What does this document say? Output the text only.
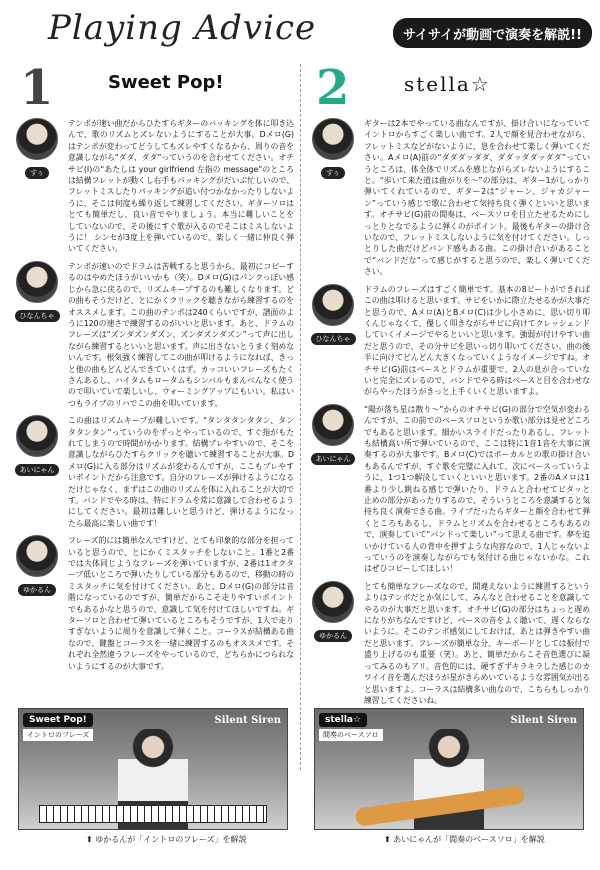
Playing Advice	サイサイが動画で演奏を解説!!
1	Sweet Pop!
すぅ
テンポが速い曲だからひたすらギターのバッキングを体に叩き込んで、歌のリズムとズレないようにすることが大事。Dメロ(G)はテンポが変わってどうしてもズレやすくなるから、周りの音を意識しながら“ダダ、ダダ”っていうのを合わせてください。オチサビ(I)の“あたしは your girlfriend 左指の message”のところは結構フレットが動くし右手もパッキングがだいぶ忙しいので、フレットミスしたりパッキングが追い付つかなかったりしないように、そこは何度も繰り返して練習してください。ギターソロはとても簡単だし、良い音でやりましょう。本当に難しいことをしていないので、その後にすぐ歌が入るのでそこはミスしないように！ シンセが3度上を弾いているので、楽しく一緒に仲良く弾いてください。
ひなんちゃ
テンポが速いのでドラムは苦戦すると思うから、最初にコピーするのはやめたほうがいいかも（笑）。Dメロ(G)はパンクっぽい感じから急に戻るので、リズムキープするのも難しくなります。どの曲もそうだけど、とにかくクリックを聴きながら練習するのをオススメします。この曲のテンポは240くらいですが、譜面のように120の速さで練習するのがいいと思います。あと、ドラムのフレーズは“ズンダズンダズン、ズンダズンダズン”って声に出しながら練習するといいと思います。声に出さないとうまく刻めないんです。根気強く練習してこの曲が叩けるようになれば、きっと他の曲もどんどんできていくはず。カッコいいフレーズもたくさんあるし、ハイタムもロータムもシンバルもまんべんなく使うので叩いていて楽しいし、ウォーミングアップにもいい。私はいつもライブのリハでこの曲を叩いています。
あいにゃん
この曲はリズムキープが難しいです。“タンタタンタタン、タンタタンタン”っていうのをずっとやっているので、すぐ指がもたれてしまうので時間がかかります。結構ブレやすいので、そこを意識しながらひたすらクリックを聴いて練習することが大事。Dメロ(G)に入る部分はリズムが変わるんですが、ここもブレやすいポイントだから注意です。自分のフレーズが弾けるようになるだけじゃなく、まずはこの曲のリズムを体に入れることが大切です。バンドでやる時は、特にドラムを常に意識して合わせるようにしてください。最初は難しいと思うけど、弾けるようになったら最高に楽しい曲です！
ゆかるん
フレーズ的には簡単なんですけど、とても印象的な部分を担っていると思うので、とにかくミスタッチをしないこと。1番と2番では大体同じようなフレーズを弾いていますが、2番は1オクターブ低いところで弾いたりしている部分もあるので、移動の時のミスタッチに気を付けてください。あと、Dメロ(G)の部分は音階になっているのですが、簡単だからこそ走りやすいポイントでもあるかなと思うので、意識して気を付けてほしいですね。ギターソロと合わせて弾いているところもそうですが、1人で走りすぎないように周りを意識して弾くこと。コーラスが結構ある曲なので、鍵盤とコーラスを一緒に練習するのもオススメです。それぞれ全然違うフレーズをやっているので、どちらかにつられないようにするのが大事です。
2	stella☆
すぅ
ギターは2本でやっている曲なんですが、掛け合いになっていてイントロからすごく楽しい曲です。2人で顔を見合わせながら、フレットミスなどがないように、息を合わせて楽しく弾いてください。Aメロ(A)前の“ダダダッダダ、ダダッダダッダダ”っていうところは、体全体でリズムを感じながらズレないようにすること。“歩いて来た道は曲がりを～”の部分は、ギター1がしっかり弾いてくれているので、ギター2は“ジャーン、ジャカジャーン”っていう感じで歌に合わせて気持ち良く弾くといいと思います。オチサビ(G)前の間奏は、ベースソロを目立たせるためにしっとりとなでるように弾くのがポイント。最後もギターの掛け合いなので、フレットミスしないように気を付けてください。しっとりした曲だけどバンド感もある曲。この掛け合いがあることで“バンドだな”って感じがすると思うので、楽しく弾いてください。
ひなんちゃ
ドラムのフレーズはすごく簡単です。基本の8ビートができればこの曲は叩けると思います。サビをいかに際立たせるかが大事だと思うので、Aメロ(A)とBメロ(C)は少し小さめに、思い切り叩くんじゃなくて、優しく叩きながらサビに向けてクレッシェンドしていくイメージでやるといいと思います。強弱が付けやすい曲だと思うので、その分サビを思いっ切り叩いてください。曲の後半に向けてどんどん大きくなっていくようなイメージですね。オチサビ(G)前はベースとドラムが重要で、2人の息が合っていないと完全にズレるので、バンドでやる時はベースと目を合わせながらやったほうがきっと上手くいくと思いますよ。
あいにゃん
“陽が落ち星は散り～”からのオチサビ(G)の部分で空気が変わるんですが、この前でのベースソロというか歌い部分は見せどころでもあると思います。細かいスライドだったりあるし、フレットも結構高い所で弾いているので、ここは特に1音1音を大事に演奏するのが大事です。Bメロ(C)ではボーカルとの歌の掛け合いもあるんですが、すぐ歌を完璧に入れて、次にベースっていうように、1つ1つ解決していくといいと思います。2番のAメロは1番より少し跳ねる感じで弾いたり、ドラムと合わせてビタッと止めの部分があったりするので、そういうところを意識すると気持ち良く演奏できる曲。ライブだったらギターと顔を合わせて弾くところもあるし、ドラムとリズムを合わせるところもあるので、演奏していて“バンドって楽しい”って思える曲です。夢を追いかけている人の背中を押すような内容なので、1人じゃないよっていうのを演奏しながらでも気付ける曲じゃないかな。これはぜひコピーしてほしい！
ゆかるん
とても簡単なフレーズなので、間違えないように練習するというよりはテンポだとか気にして、みんなと合わせることを意識してやるのが大事だと思います。オチサビ(G)の部分はちょっと遅めになりがちなんですけど、ベースの音をよく聴いて、遅くならないように。そこのテンポ感気にしておけば、あとは弾きやすい曲だと思います。フレーズが簡単な分、キーボードとしては振付で盛り上げるのも重要（笑）。あと、簡単だからこそ音色選びに凝ってみるのもアリ。音色的には、硬すぎずキラキラした感じのカワイイ音を選んだほうが星がきらめいているような雰囲気が出ると思いますよ。コーラスは結構多い曲なので、こちらもしっかり練習してくださいね。
Sweet Pop!
イントロのフレーズ
Silent Siren
⬆ ゆかるんが「イントロのフレーズ」を解説
stella☆
間奏のベースソロ
Silent Siren
⬆ あいにゃんが「間奏のベースソロ」を解説
